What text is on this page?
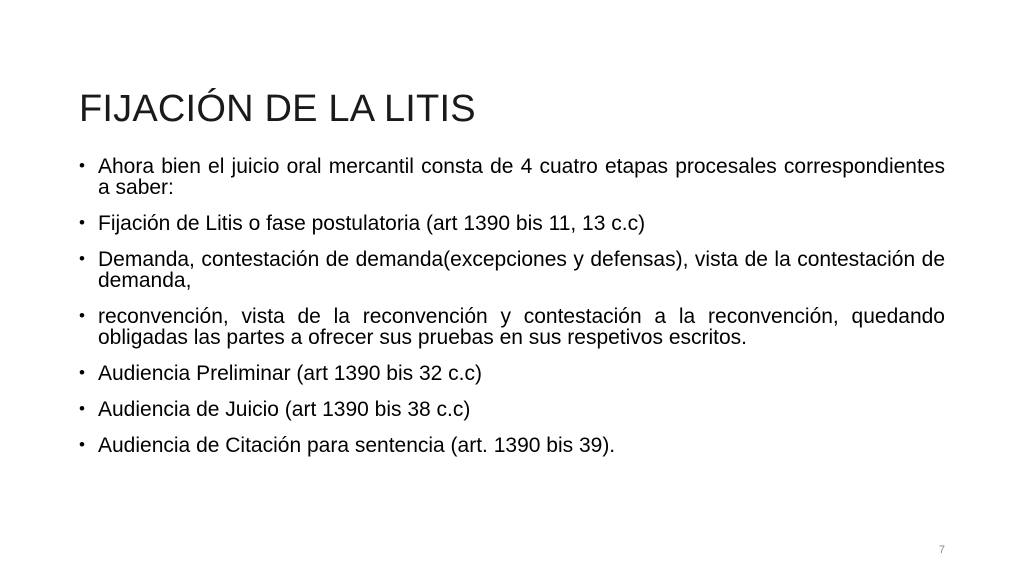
FIJACIÓN DE LA LITIS
• Ahora bien el juicio oral mercantil consta de 4 cuatro etapas procesales correspondientes a saber:
• Fijación de Litis o fase postulatoria (art 1390 bis 11, 13 c.c)
• Demanda, contestación de demanda(excepciones y defensas), vista de la contestación de demanda,
• reconvención, vista de la reconvención y contestación a la reconvención, quedando obligadas las partes a ofrecer sus pruebas en sus respetivos escritos.
• Audiencia Preliminar (art 1390 bis 32 c.c)
• Audiencia de Juicio (art 1390 bis 38 c.c)
• Audiencia de Citación para sentencia (art. 1390 bis 39).
7
